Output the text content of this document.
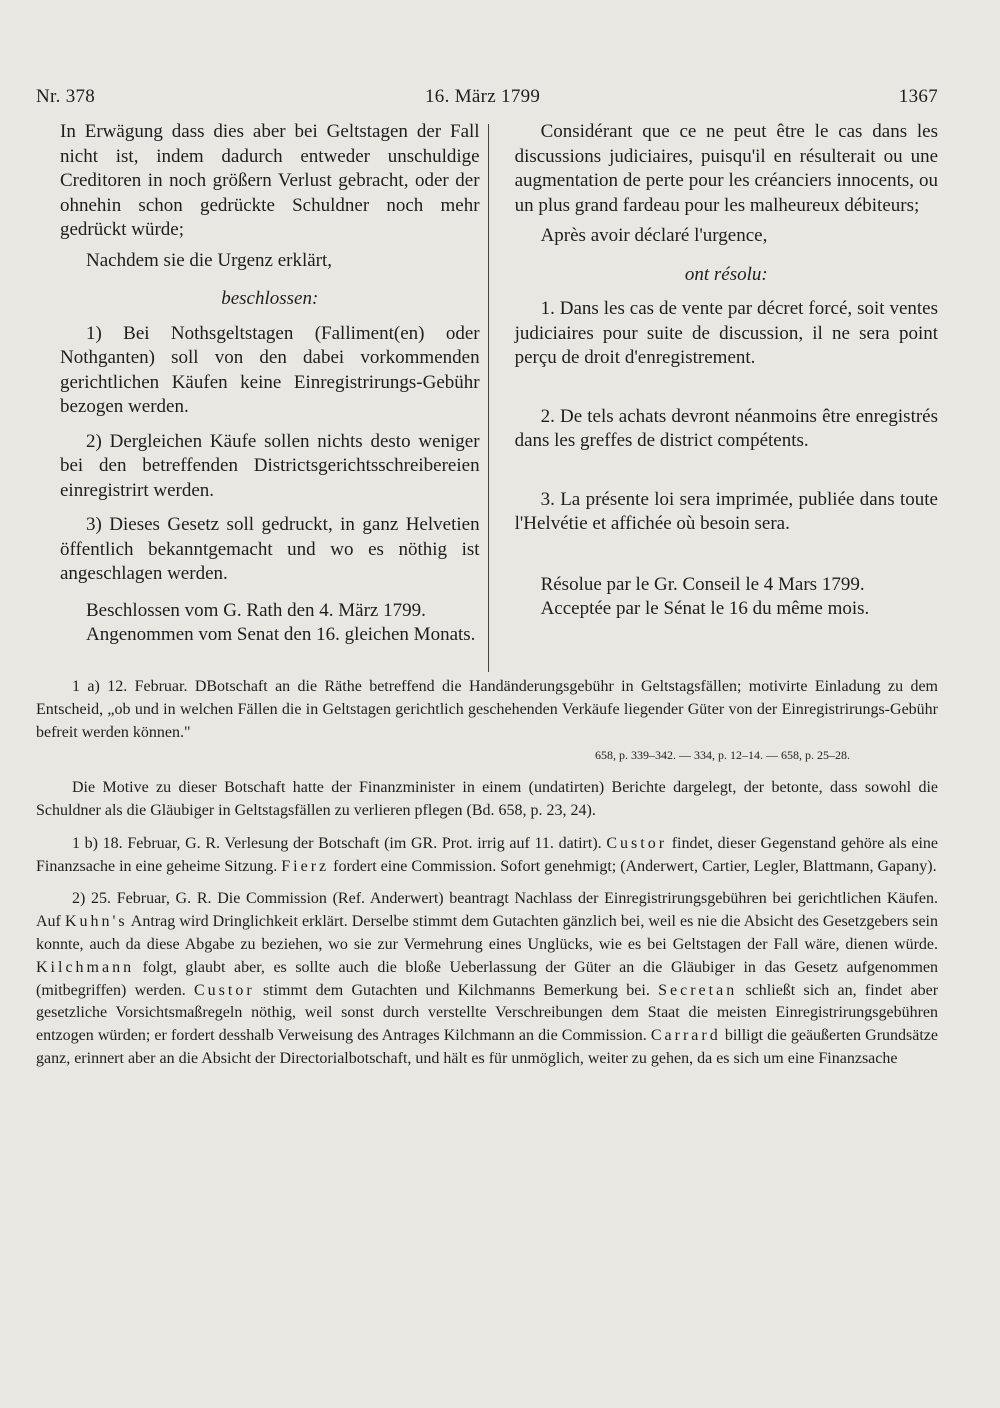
Nr. 378	16. März 1799	1367

In Erwägung dass dies aber bei Geltstagen der Fall nicht ist, indem dadurch entweder unschuldige Creditoren in noch größern Verlust gebracht, oder der ohnehin schon gedrückte Schuldner noch mehr gedrückt würde;

Nachdem sie die Urgenz erklärt,

beschlossen:

1) Bei Nothsgeltstagen (Falliment(en) oder Nothganten) soll von den dabei vorkommenden gerichtlichen Käufen keine Einregistrirungs-Gebühr bezogen werden.

2) Dergleichen Käufe sollen nichts desto weniger bei den betreffenden Districtsgerichtsschreibereien einregistrirt werden.

3) Dieses Gesetz soll gedruckt, in ganz Helvetien öffentlich bekanntgemacht und wo es nöthig ist angeschlagen werden.

Beschlossen vom G. Rath den 4. März 1799.

Angenommen vom Senat den 16. gleichen Monats.

Considérant que ce ne peut être le cas dans les discussions judiciaires, puisqu'il en résulterait ou une augmentation de perte pour les créanciers innocents, ou un plus grand fardeau pour les malheureux débiteurs;

Après avoir déclaré l'urgence,

ont résolu:

1. Dans les cas de vente par décret forcé, soit ventes judiciaires pour suite de discussion, il ne sera point perçu de droit d'enregistrement.

2. De tels achats devront néanmoins être enregistrés dans les greffes de district compétents.

3. La présente loi sera imprimée, publiée dans toute l'Helvétie et affichée où besoin sera.

Résolue par le Gr. Conseil le 4 Mars 1799.

Acceptée par le Sénat le 16 du même mois.

1 a) 12. Februar. DBotschaft an die Räthe betreffend die Handänderungsgebühr in Geltstagsfällen; motivirte Einladung zu dem Entscheid, „ob und in welchen Fällen die in Geltstagen gerichtlich geschehenden Verkäufe liegender Güter von der Einregistrirungs-Gebühr befreit werden können."

658, p. 339–342. — 334, p. 12–14. — 658, p. 25–28.

Die Motive zu dieser Botschaft hatte der Finanzminister in einem (undatirten) Berichte dargelegt, der betonte, dass sowohl die Schuldner als die Gläubiger in Geltstagsfällen zu verlieren pflegen (Bd. 658, p. 23, 24).

1 b) 18. Februar, G. R. Verlesung der Botschaft (im GR. Prot. irrig auf 11. datirt). Custor findet, dieser Gegenstand gehöre als eine Finanzsache in eine geheime Sitzung. Fierz fordert eine Commission. Sofort genehmigt; (Anderwert, Cartier, Legler, Blattmann, Gapany).

2) 25. Februar, G. R. Die Commission (Ref. Anderwert) beantragt Nachlass der Einregistrirungsgebühren bei gerichtlichen Käufen. Auf Kuhn's Antrag wird Dringlichkeit erklärt. Derselbe stimmt dem Gutachten gänzlich bei, weil es nie die Absicht des Gesetzgebers sein konnte, auch da diese Abgabe zu beziehen, wo sie zur Vermehrung eines Unglücks, wie es bei Geltstagen der Fall wäre, dienen würde. Kilchmann folgt, glaubt aber, es sollte auch die bloße Ueberlassung der Güter an die Gläubiger in das Gesetz aufgenommen (mitbegriffen) werden. Custor stimmt dem Gutachten und Kilchmanns Bemerkung bei. Secretan schließt sich an, findet aber gesetzliche Vorsichtsmaßregeln nöthig, weil sonst durch verstellte Verschreibungen dem Staat die meisten Einregistrirungsgebühren entzogen würden; er fordert desshalb Verweisung des Antrages Kilchmann an die Commission. Carrard billigt die geäußerten Grundsätze ganz, erinnert aber an die Absicht der Directorialbotschaft, und hält es für unmöglich, weiter zu gehen, da es sich um eine Finanzsache
